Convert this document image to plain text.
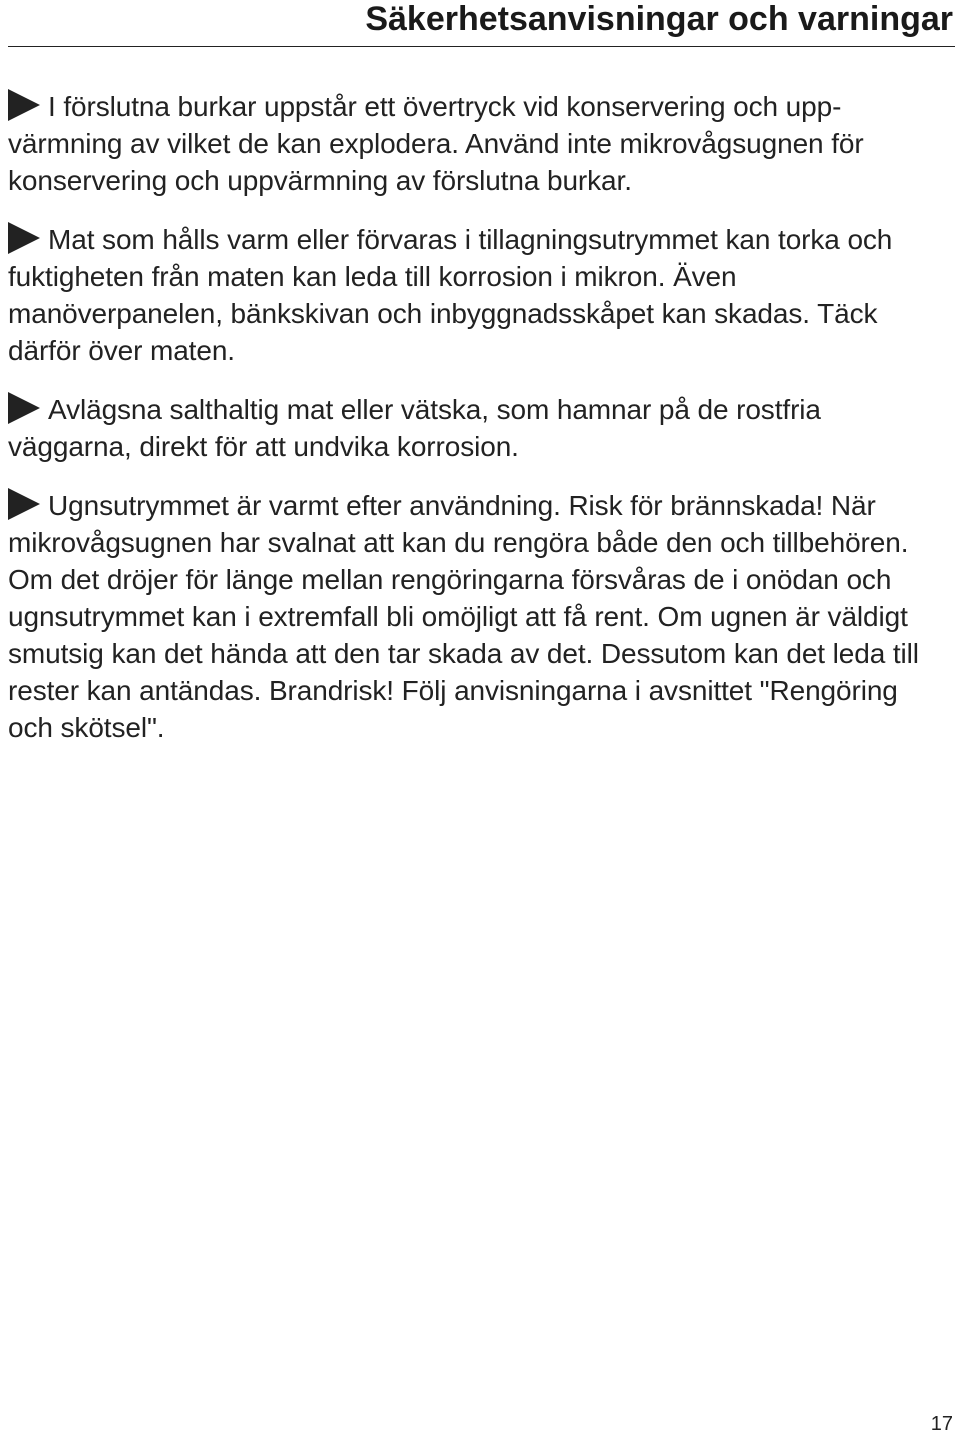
Säkerhetsanvisningar och varningar

I förslutna burkar uppstår ett övertryck vid konservering och upp-värmning av vilket de kan explodera. Använd inte mikrovågsugnen för konservering och uppvärmning av förslutna burkar.

Mat som hålls varm eller förvaras i tillagningsutrymmet kan torka och fuktigheten från maten kan leda till korrosion i mikron. Även manöverpanelen, bänkskivan och inbyggnadsskåpet kan skadas. Täck därför över maten.

Avlägsna salthaltig mat eller vätska, som hamnar på de rostfria väggarna, direkt för att undvika korrosion.

Ugnsutrymmet är varmt efter användning. Risk för brännskada! När mikrovågsugnen har svalnat att kan du rengöra både den och tillbehören. Om det dröjer för länge mellan rengöringarna försvåras de i onödan och ugnsutrymmet kan i extremfall bli omöjligt att få rent. Om ugnen är väldigt smutsig kan det hända att den tar skada av det. Dessutom kan det leda till rester kan antändas. Brandrisk! Följ anvisningarna i avsnittet "Rengöring och skötsel".

17
